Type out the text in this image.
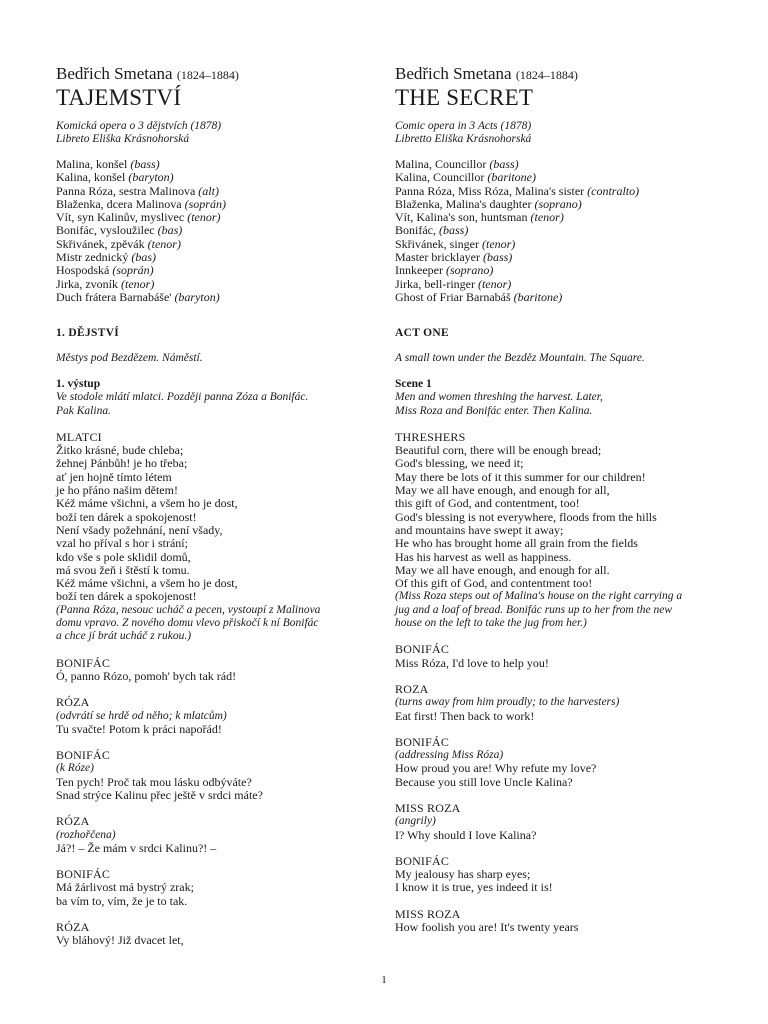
Bedřich Smetana (1824–1884)
TAJEMSTVÍ
Komická opera o 3 dějstvích (1878)
Libreto Eliška Krásnohorská
Malina, konšel (bass)
Kalina, konšel (baryton)
Panna Róza, sestra Malinova (alt)
Blaženka, dcera Malinova (soprán)
Vít, syn Kalinův, myslivec (tenor)
Bonifác, vysloužilec (bas)
Skřivánek, zpěvák (tenor)
Mistr zednický (bas)
Hospodská (soprán)
Jirka, zvoník (tenor)
Duch frátera Barnabáše' (baryton)
1. DĚJSTVÍ
Městys pod Bezdězem. Náměstí.
1. výstup
Ve stodole mlátí mlatci. Později panna Zóza a Bonifác.
Pak Kalina.
MLATCI
Žitko krásné, bude chleba;
žehnej Pánbůh! je ho třeba;
ať jen hojně tímto létem
je ho přáno našim dětem!
Kéž máme všichni, a všem ho je dost,
boží ten dárek a spokojenost!
Není všady požehnání, není všady,
vzal ho příval s hor i strání;
kdo vše s pole sklidil domů,
má svou žeň i štěstí k tomu.
Kéž máme všichni, a všem ho je dost,
boží ten dárek a spokojenost!
(Panna Róza, nesouc ucháč a pecen, vystoupí z Malinova
domu vpravo. Z nového domu vlevo přiskočí k ní Bonifác
a chce jí brát ucháč z rukou.)
BONIFÁC
Ó, panno Rózo, pomoh' bych tak rád!
RÓZA
(odvrátí se hrdě od něho; k mlatcům)
Tu svačte! Potom k práci napořád!
BONIFÁC
(k Róze)
Ten pych! Proč tak mou lásku odbýváte?
Snad strýce Kalinu přec ještě v srdci máte?
RÓZA
(rozhořčena)
Já?! – Že mám v srdci Kalinu?! –
BONIFÁC
Má žárlivost má bystrý zrak;
ba vím to, vím, že je to tak.
RÓZA
Vy bláhový! Již dvacet let,
Bedřich Smetana (1824–1884)
THE SECRET
Comic opera in 3 Acts (1878)
Libretto Eliška Krásnohorská
Malina, Councillor (bass)
Kalina, Councillor (baritone)
Panna Róza, Miss Róza, Malina's sister (contralto)
Blaženka, Malina's daughter (soprano)
Vít, Kalina's son, huntsman (tenor)
Bonifác, (bass)
Skřivánek, singer (tenor)
Master bricklayer (bass)
Innkeeper (soprano)
Jirka, bell-ringer (tenor)
Ghost of Friar Barnabáš (baritone)
ACT ONE
A small town under the Bezděz Mountain. The Square.
Scene 1
Men and women threshing the harvest. Later,
Miss Roza and Bonifác enter. Then Kalina.
THRESHERS
Beautiful corn, there will be enough bread;
God's blessing, we need it;
May there be lots of it this summer for our children!
May we all have enough, and enough for all,
this gift of God, and contentment, too!
God's blessing is not everywhere, floods from the hills
and mountains have swept it away;
He who has brought home all grain from the fields
Has his harvest as well as happiness.
May we all have enough, and enough for all.
Of this gift of God, and contentment too!
(Miss Roza steps out of Malina's house on the right carrying a
jug and a loaf of bread. Bonifác runs up to her from the new
house on the left to take the jug from her.)
BONIFÁC
Miss Róza, I'd love to help you!
ROZA
(turns away from him proudly; to the harvesters)
Eat first! Then back to work!
BONIFÁC
(addressing Miss Róza)
How proud you are! Why refute my love?
Because you still love Uncle Kalina?
MISS ROZA
(angrily)
I? Why should I love Kalina?
BONIFÁC
My jealousy has sharp eyes;
I know it is true, yes indeed it is!
MISS ROZA
How foolish you are! It's twenty years
1
